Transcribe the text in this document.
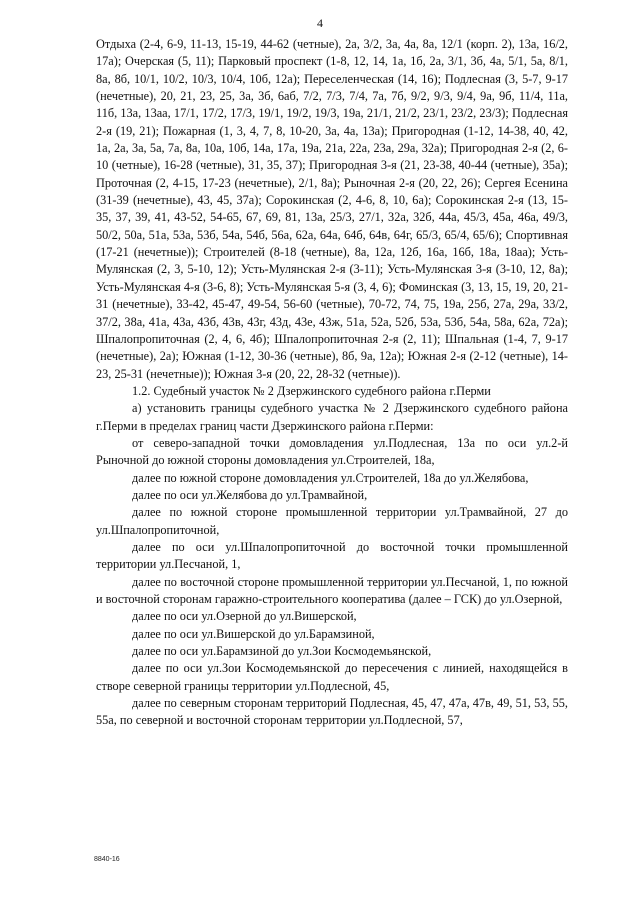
4

Отдыха (2-4, 6-9, 11-13, 15-19, 44-62 (четные), 2а, 3/2, 3а, 4а, 8а, 12/1 (корп. 2), 13а, 16/2, 17а); Очерская (5, 11); Парковый проспект (1-8, 12, 14, 1а, 1б, 2а, 3/1, 3б, 4а, 5/1, 5а, 8/1, 8а, 8б, 10/1, 10/2, 10/3, 10/4, 10б, 12а); Переселенческая (14, 16); Подлесная (3, 5-7, 9-17 (нечетные), 20, 21, 23, 25, 3а, 3б, 6аб, 7/2, 7/3, 7/4, 7а, 7б, 9/2, 9/3, 9/4, 9а, 9б, 11/4, 11а, 11б, 13а, 13аа, 17/1, 17/2, 17/3, 19/1, 19/2, 19/3, 19а, 21/1, 21/2, 23/1, 23/2, 23/3); Подлесная 2-я (19, 21); Пожарная (1, 3, 4, 7, 8, 10-20, 3а, 4а, 13а); Пригородная (1-12, 14-38, 40, 42, 1а, 2а, 3а, 5а, 7а, 8а, 10а, 10б, 14а, 17а, 19а, 21а, 22а, 23а, 29а, 32а); Пригородная 2-я (2, 6-10 (четные), 16-28 (четные), 31, 35, 37); Пригородная 3-я (21, 23-38, 40-44 (четные), 35а); Проточная (2, 4-15, 17-23 (нечетные), 2/1, 8а); Рыночная 2-я (20, 22, 26); Сергея Есенина (31-39 (нечетные), 43, 45, 37а); Сорокинская (2, 4-6, 8, 10, 6а); Сорокинская 2-я (13, 15-35, 37, 39, 41, 43-52, 54-65, 67, 69, 81, 13а, 25/3, 27/1, 32а, 32б, 44а, 45/3, 45а, 46а, 49/3, 50/2, 50а, 51а, 53а, 53б, 54а, 54б, 56а, 62а, 64а, 64б, 64в, 64г, 65/3, 65/4, 65/6); Спортивная (17-21 (нечетные)); Строителей (8-18 (четные), 8а, 12а, 12б, 16а, 16б, 18а, 18аа); Усть-Мулянская (2, 3, 5-10, 12); Усть-Мулянская 2-я (3-11); Усть-Мулянская 3-я (3-10, 12, 8а); Усть-Мулянская 4-я (3-6, 8); Усть-Мулянская 5-я (3, 4, 6); Фоминская (3, 13, 15, 19, 20, 21-31 (нечетные), 33-42, 45-47, 49-54, 56-60 (четные), 70-72, 74, 75, 19а, 25б, 27а, 29а, 33/2, 37/2, 38а, 41а, 43а, 43б, 43в, 43г, 43д, 43е, 43ж, 51а, 52а, 52б, 53а, 53б, 54а, 58а, 62а, 72а); Шпалопропиточная (2, 4, 6, 4б); Шпалопропиточная 2-я (2, 11); Шпальная (1-4, 7, 9-17 (нечетные), 2а); Южная (1-12, 30-36 (четные), 8б, 9а, 12а); Южная 2-я (2-12 (четные), 14-23, 25-31 (нечетные)); Южная 3-я (20, 22, 28-32 (четные)).

1.2. Судебный участок № 2 Дзержинского судебного района г.Перми

а) установить границы судебного участка № 2 Дзержинского судебного района г.Перми в пределах границ части Дзержинского района г.Перми:

от северо-западной точки домовладения ул.Подлесная, 13а по оси ул.2-й Рыночной до южной стороны домовладения ул.Строителей, 18а,

далее по южной стороне домовладения ул.Строителей, 18а до ул.Желябова,

далее по оси ул.Желябова до ул.Трамвайной,

далее по южной стороне промышленной территории ул.Трамвайной, 27 до ул.Шпалопропиточной,

далее по оси ул.Шпалопропиточной до восточной точки промышленной территории ул.Песчаной, 1,

далее по восточной стороне промышленной территории ул.Песчаной, 1, по южной и восточной сторонам гаражно-строительного кооператива (далее – ГСК) до ул.Озерной,

далее по оси ул.Озерной до ул.Вишерской,

далее по оси ул.Вишерской до ул.Барамзиной,

далее по оси ул.Барамзиной до ул.Зои Космодемьянской,

далее по оси ул.Зои Космодемьянской до пересечения с линией, находящейся в створе северной границы территории ул.Подлесной, 45,

далее по северным сторонам территорий Подлесная, 45, 47, 47а, 47в, 49, 51, 53, 55, 55а, по северной и восточной сторонам территории ул.Подлесной, 57,

8840-16
